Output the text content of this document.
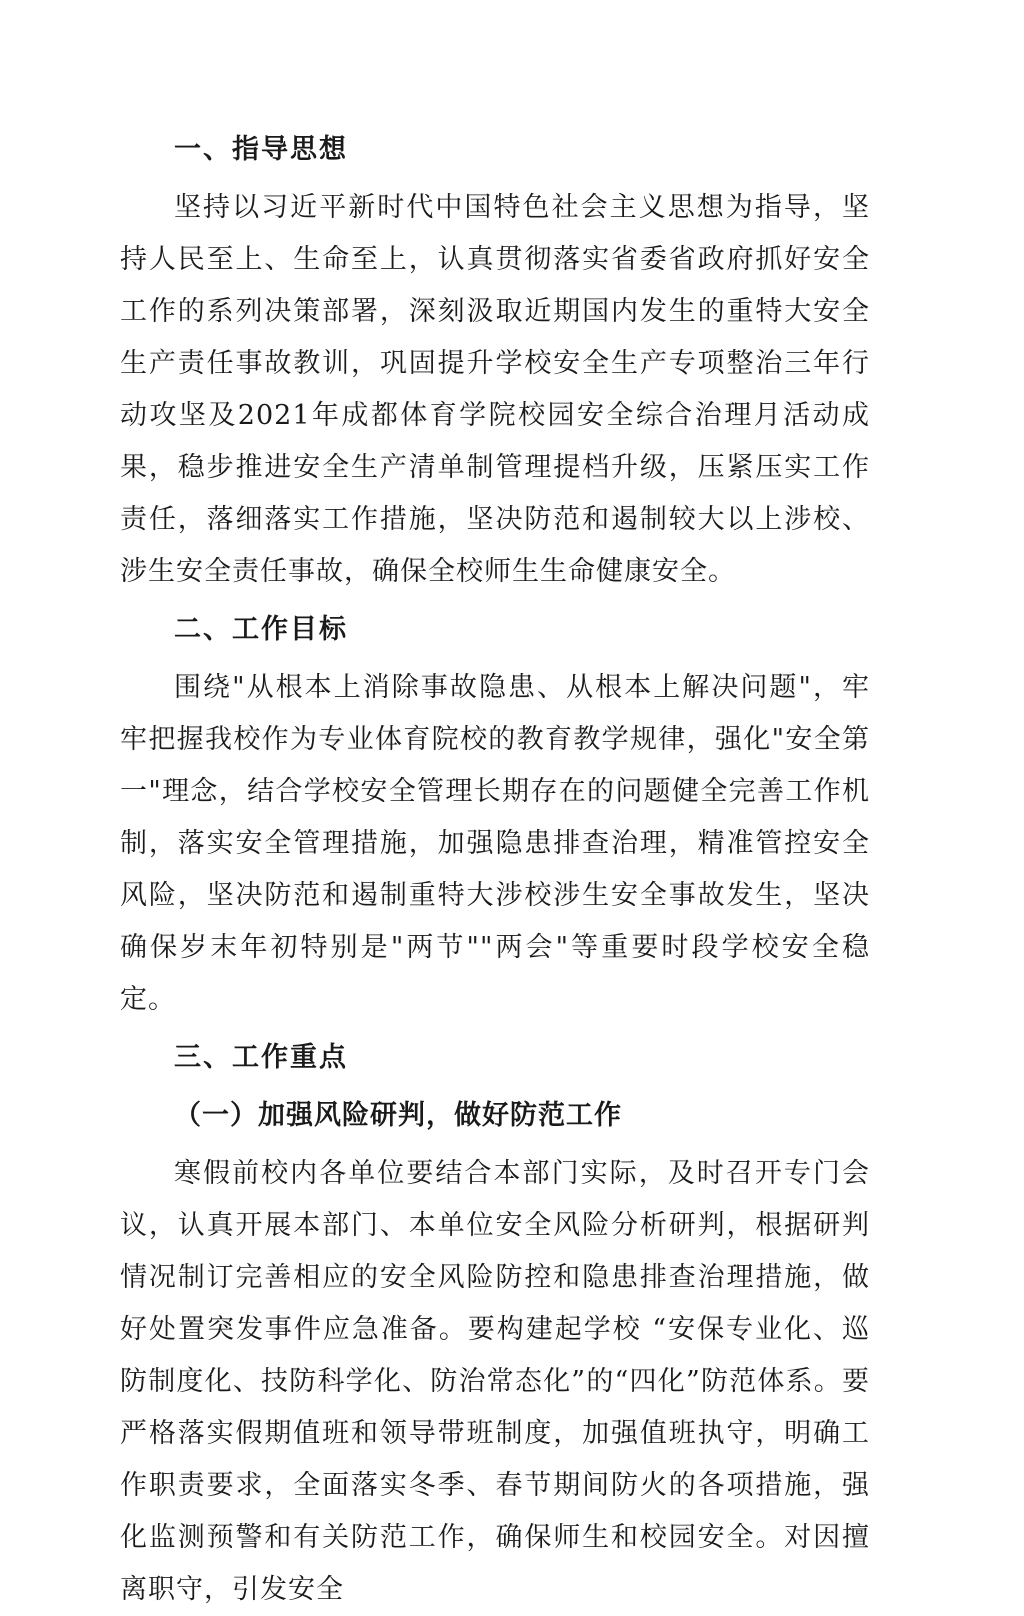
一、指导思想

坚持以习近平新时代中国特色社会主义思想为指导，坚持人民至上、生命至上，认真贯彻落实省委省政府抓好安全工作的系列决策部署，深刻汲取近期国内发生的重特大安全生产责任事故教训，巩固提升学校安全生产专项整治三年行动攻坚及2021年成都体育学院校园安全综合治理月活动成果，稳步推进安全生产清单制管理提档升级，压紧压实工作责任，落细落实工作措施，坚决防范和遏制较大以上涉校、涉生安全责任事故，确保全校师生生命健康安全。

二、工作目标

围绕"从根本上消除事故隐患、从根本上解决问题"，牢牢把握我校作为专业体育院校的教育教学规律，强化"安全第一"理念，结合学校安全管理长期存在的问题健全完善工作机制，落实安全管理措施，加强隐患排查治理，精准管控安全风险，坚决防范和遏制重特大涉校涉生安全事故发生，坚决确保岁末年初特别是"两节""两会"等重要时段学校安全稳定。

三、工作重点

（一）加强风险研判，做好防范工作

寒假前校内各单位要结合本部门实际，及时召开专门会议，认真开展本部门、本单位安全风险分析研判，根据研判情况制订完善相应的安全风险防控和隐患排查治理措施，做好处置突发事件应急准备。要构建起学校 “安保专业化、巡防制度化、技防科学化、防治常态化”的“四化”防范体系。要严格落实假期值班和领导带班制度，加强值班执守，明确工作职责要求，全面落实冬季、春节期间防火的各项措施，强化监测预警和有关防范工作，确保师生和校园安全。对因擅离职守，引发安全
